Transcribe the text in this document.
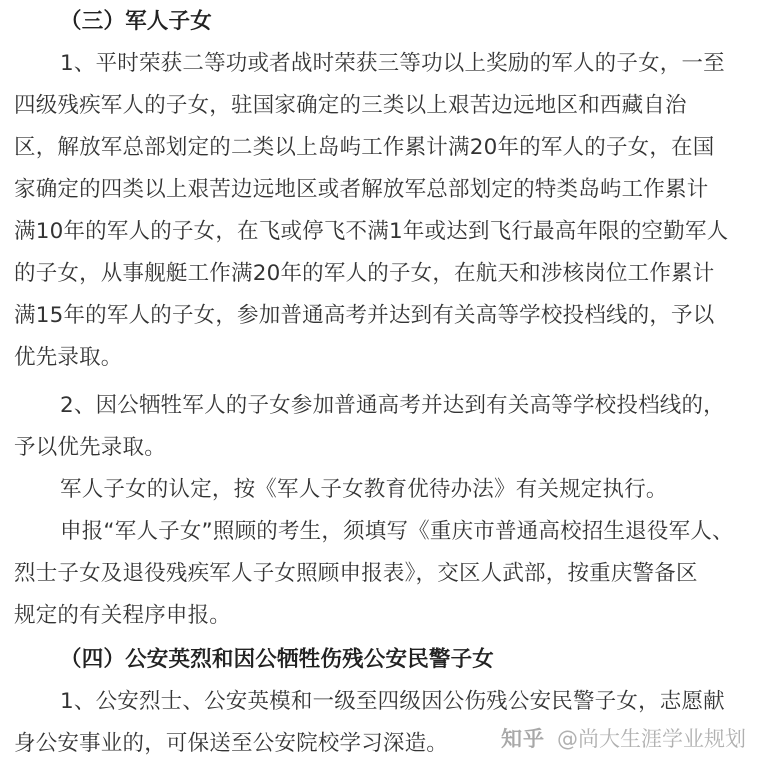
（三）军人子女
1、平时荣获二等功或者战时荣获三等功以上奖励的军人的子女，一至
四级残疾军人的子女，驻国家确定的三类以上艰苦边远地区和西藏自治
区，解放军总部划定的二类以上岛屿工作累计满20年的军人的子女，在国
家确定的四类以上艰苦边远地区或者解放军总部划定的特类岛屿工作累计
满10年的军人的子女，在飞或停飞不满1年或达到飞行最高年限的空勤军人
的子女，从事舰艇工作满20年的军人的子女，在航天和涉核岗位工作累计
满15年的军人的子女，参加普通高考并达到有关高等学校投档线的，予以
优先录取。
2、因公牺牲军人的子女参加普通高考并达到有关高等学校投档线的，
予以优先录取。
军人子女的认定，按《军人子女教育优待办法》有关规定执行。
申报“军人子女”照顾的考生，须填写《重庆市普通高校招生退役军人、
烈士子女及退役残疾军人子女照顾申报表》，交区人武部，按重庆警备区
规定的有关程序申报。
（四）公安英烈和因公牺牲伤残公安民警子女
1、公安烈士、公安英模和一级至四级因公伤残公安民警子女，志愿献
身公安事业的，可保送至公安院校学习深造。	知乎 @尚大生涯学业规划
